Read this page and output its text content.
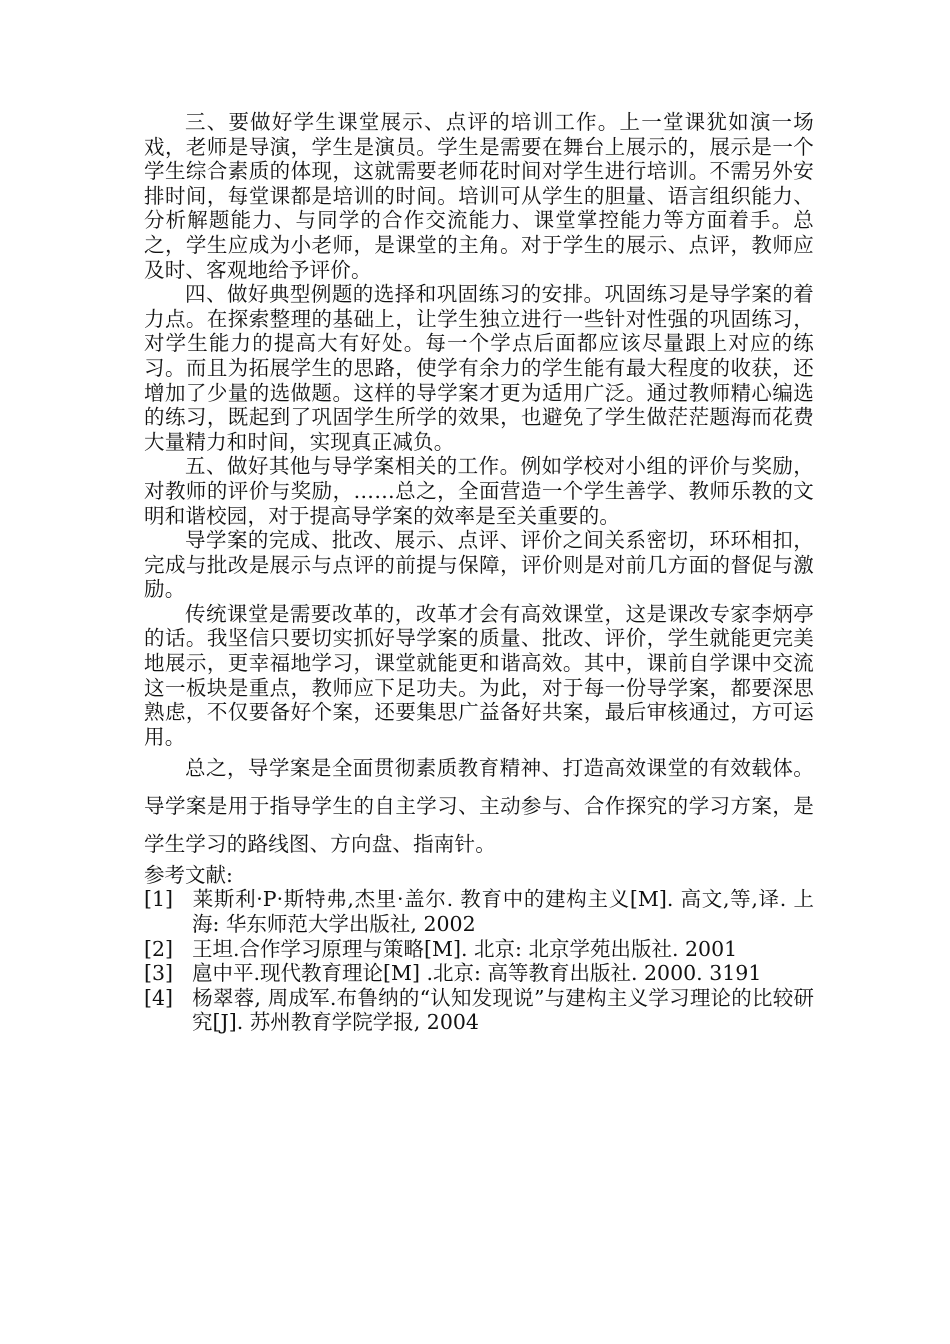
三、要做好学生课堂展示、点评的培训工作。上一堂课犹如演一场戏，老师是导演，学生是演员。学生是需要在舞台上展示的，展示是一个学生综合素质的体现，这就需要老师花时间对学生进行培训。不需另外安排时间，每堂课都是培训的时间。培训可从学生的胆量、语言组织能力、分析解题能力、与同学的合作交流能力、课堂掌控能力等方面着手。总之，学生应成为小老师，是课堂的主角。对于学生的展示、点评，教师应及时、客观地给予评价。

四、做好典型例题的选择和巩固练习的安排。巩固练习是导学案的着力点。在探索整理的基础上，让学生独立进行一些针对性强的巩固练习，对学生能力的提高大有好处。每一个学点后面都应该尽量跟上对应的练习。而且为拓展学生的思路，使学有余力的学生能有最大程度的收获，还增加了少量的选做题。这样的导学案才更为适用广泛。通过教师精心编选的练习，既起到了巩固学生所学的效果，也避免了学生做茫茫题海而花费大量精力和时间，实现真正减负。

五、做好其他与导学案相关的工作。例如学校对小组的评价与奖励，对教师的评价与奖励，……总之，全面营造一个学生善学、教师乐教的文明和谐校园，对于提高导学案的效率是至关重要的。

导学案的完成、批改、展示、点评、评价之间关系密切，环环相扣，完成与批改是展示与点评的前提与保障，评价则是对前几方面的督促与激励。

传统课堂是需要改革的，改革才会有高效课堂，这是课改专家李炳亭的话。我坚信只要切实抓好导学案的质量、批改、评价，学生就能更完美地展示，更幸福地学习，课堂就能更和谐高效。其中，课前自学课中交流这一板块是重点，教师应下足功夫。为此，对于每一份导学案，都要深思熟虑，不仅要备好个案，还要集思广益备好共案，最后审核通过，方可运用。

总之，导学案是全面贯彻素质教育精神、打造高效课堂的有效载体。导学案是用于指导学生的自主学习、主动参与、合作探究的学习方案，是学生学习的路线图、方向盘、指南针。

参考文献:

[1] 莱斯利·P·斯特弗,杰里·盖尔. 教育中的建构主义[M]. 高文,等,译. 上海: 华东师范大学出版社, 2002

[2] 王坦.合作学习原理与策略[M]. 北京: 北京学苑出版社. 2001

[3] 扈中平.现代教育理论[M] .北京: 高等教育出版社. 2000. 3191

[4] 杨翠蓉, 周成军.布鲁纳的“认知发现说”与建构主义学习理论的比较研究[J]. 苏州教育学院学报, 2004
